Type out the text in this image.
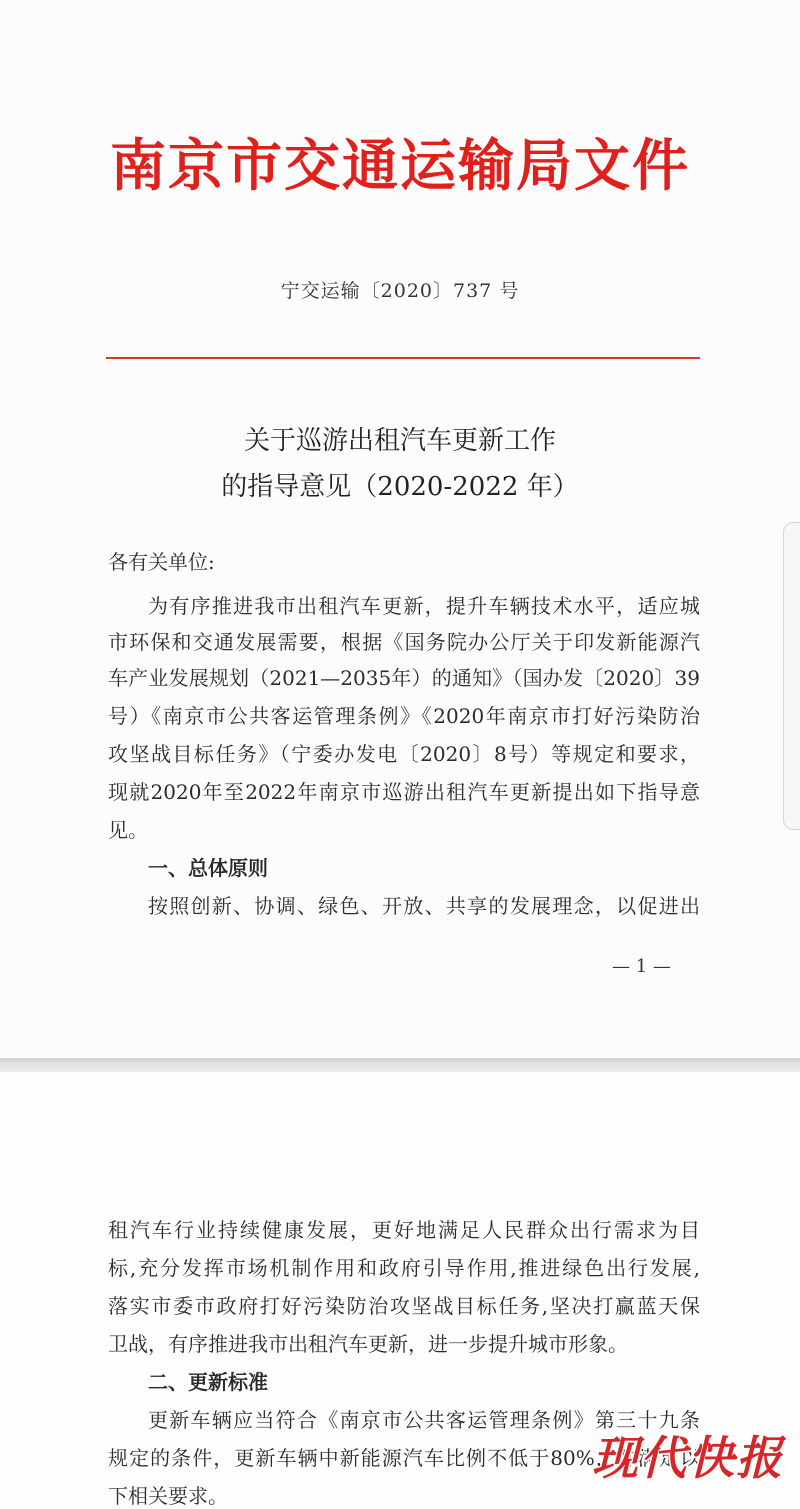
南京市交通运输局文件
宁交运输〔2020〕737 号
关于巡游出租汽车更新工作
的指导意见（2020-2022 年）
各有关单位:
为有序推进我市出租汽车更新，提升车辆技术水平，适应城
市环保和交通发展需要，根据《国务院办公厅关于印发新能源汽
车产业发展规划（2021—2035年）的通知》（国办发〔2020〕39
号）《南京市公共客运管理条例》《2020年南京市打好污染防治
攻坚战目标任务》（宁委办发电〔2020〕8号）等规定和要求，
现就2020年至2022年南京市巡游出租汽车更新提出如下指导意
见。
一、总体原则
按照创新、协调、绿色、开放、共享的发展理念，以促进出
— 1 —
租汽车行业持续健康发展，更好地满足人民群众出行需求为目
标,充分发挥市场机制作用和政府引导作用,推进绿色出行发展,
落实市委市政府打好污染防治攻坚战目标任务,坚决打赢蓝天保
卫战，有序推进我市出租汽车更新，进一步提升城市形象。
二、更新标准
更新车辆应当符合《南京市公共客运管理条例》第三十九条
规定的条件，更新车辆中新能源汽车比例不低于80%，并满足以
下相关要求。
现代快报
